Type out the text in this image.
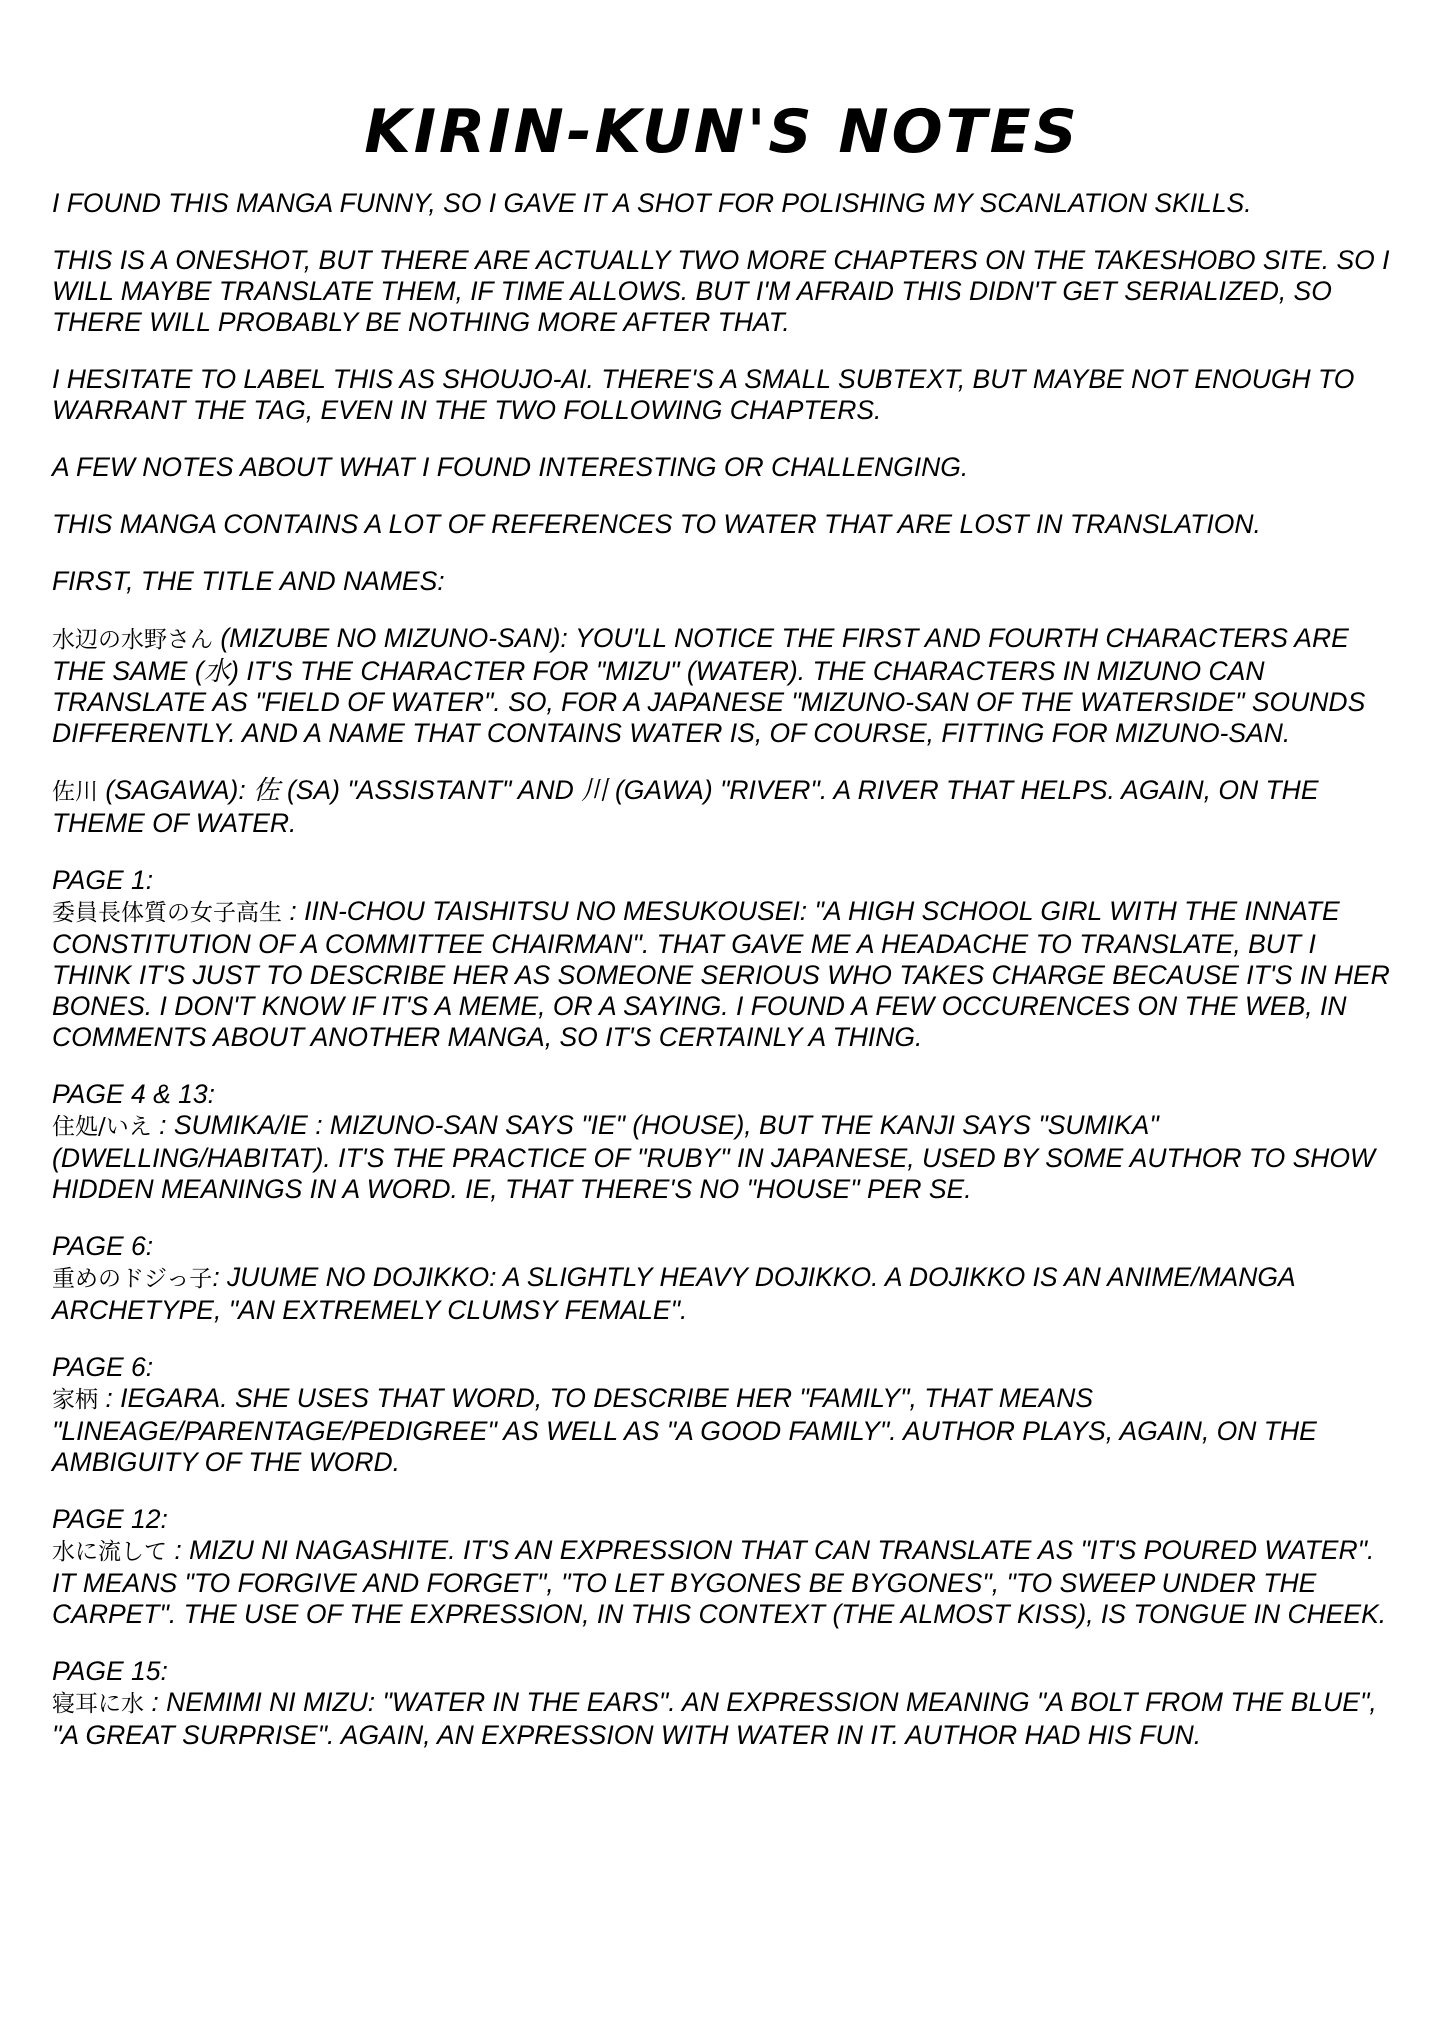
KIRIN-KUN'S NOTES

I FOUND THIS MANGA FUNNY, SO I GAVE IT A SHOT FOR POLISHING MY SCANLATION SKILLS.

THIS IS A ONESHOT, BUT THERE ARE ACTUALLY TWO MORE CHAPTERS ON THE TAKESHOBO SITE. SO I WILL MAYBE TRANSLATE THEM, IF TIME ALLOWS. BUT I'M AFRAID THIS DIDN'T GET SERIALIZED, SO THERE WILL PROBABLY BE NOTHING MORE AFTER THAT.

I HESITATE TO LABEL THIS AS SHOUJO-AI. THERE'S A SMALL SUBTEXT, BUT MAYBE NOT ENOUGH TO WARRANT THE TAG, EVEN IN THE TWO FOLLOWING CHAPTERS.

A FEW NOTES ABOUT WHAT I FOUND INTERESTING OR CHALLENGING.

THIS MANGA CONTAINS A LOT OF REFERENCES TO WATER THAT ARE LOST IN TRANSLATION.

FIRST, THE TITLE AND NAMES:

水辺の水野さん (MIZUBE NO MIZUNO-SAN): YOU'LL NOTICE THE FIRST AND FOURTH CHARACTERS ARE THE SAME (水) IT'S THE CHARACTER FOR "MIZU" (WATER). THE CHARACTERS IN MIZUNO CAN TRANSLATE AS "FIELD OF WATER". SO, FOR A JAPANESE "MIZUNO-SAN OF THE WATERSIDE" SOUNDS DIFFERENTLY. AND A NAME THAT CONTAINS WATER IS, OF COURSE, FITTING FOR MIZUNO-SAN.

佐川 (SAGAWA): 佐 (SA) "ASSISTANT" AND 川 (GAWA) "RIVER". A RIVER THAT HELPS. AGAIN, ON THE THEME OF WATER.

PAGE 1:
委員長体質の女子高生 : IIN-CHOU TAISHITSU NO MESUKOUSEI: "A HIGH SCHOOL GIRL WITH THE INNATE CONSTITUTION OF A COMMITTEE CHAIRMAN". THAT GAVE ME A HEADACHE TO TRANSLATE, BUT I THINK IT'S JUST TO DESCRIBE HER AS SOMEONE SERIOUS WHO TAKES CHARGE BECAUSE IT'S IN HER BONES. I DON'T KNOW IF IT'S A MEME, OR A SAYING. I FOUND A FEW OCCURENCES ON THE WEB, IN COMMENTS ABOUT ANOTHER MANGA, SO IT'S CERTAINLY A THING.
PAGE 4 & 13:
住処/いえ : SUMIKA/IE : MIZUNO-SAN SAYS "IE" (HOUSE), BUT THE KANJI SAYS "SUMIKA" (DWELLING/HABITAT). IT'S THE PRACTICE OF "RUBY" IN JAPANESE, USED BY SOME AUTHOR TO SHOW HIDDEN MEANINGS IN A WORD. IE, THAT THERE'S NO "HOUSE" PER SE.
PAGE 6:
重めのドジっ子: JUUME NO DOJIKKO: A SLIGHTLY HEAVY DOJIKKO. A DOJIKKO IS AN ANIME/MANGA ARCHETYPE, "AN EXTREMELY CLUMSY FEMALE".
PAGE 6:
家柄 : IEGARA. SHE USES THAT WORD, TO DESCRIBE HER "FAMILY", THAT MEANS "LINEAGE/PARENTAGE/PEDIGREE" AS WELL AS "A GOOD FAMILY". AUTHOR PLAYS, AGAIN, ON THE AMBIGUITY OF THE WORD.
PAGE 12:
水に流して : MIZU NI NAGASHITE. IT'S AN EXPRESSION THAT CAN TRANSLATE AS "IT'S POURED WATER". IT MEANS "TO FORGIVE AND FORGET", "TO LET BYGONES BE BYGONES", "TO SWEEP UNDER THE CARPET". THE USE OF THE EXPRESSION, IN THIS CONTEXT (THE ALMOST KISS), IS TONGUE IN CHEEK.
PAGE 15:
寝耳に水 : NEMIMI NI MIZU: "WATER IN THE EARS". AN EXPRESSION MEANING "A BOLT FROM THE BLUE", "A GREAT SURPRISE". AGAIN, AN EXPRESSION WITH WATER IN IT. AUTHOR HAD HIS FUN.
